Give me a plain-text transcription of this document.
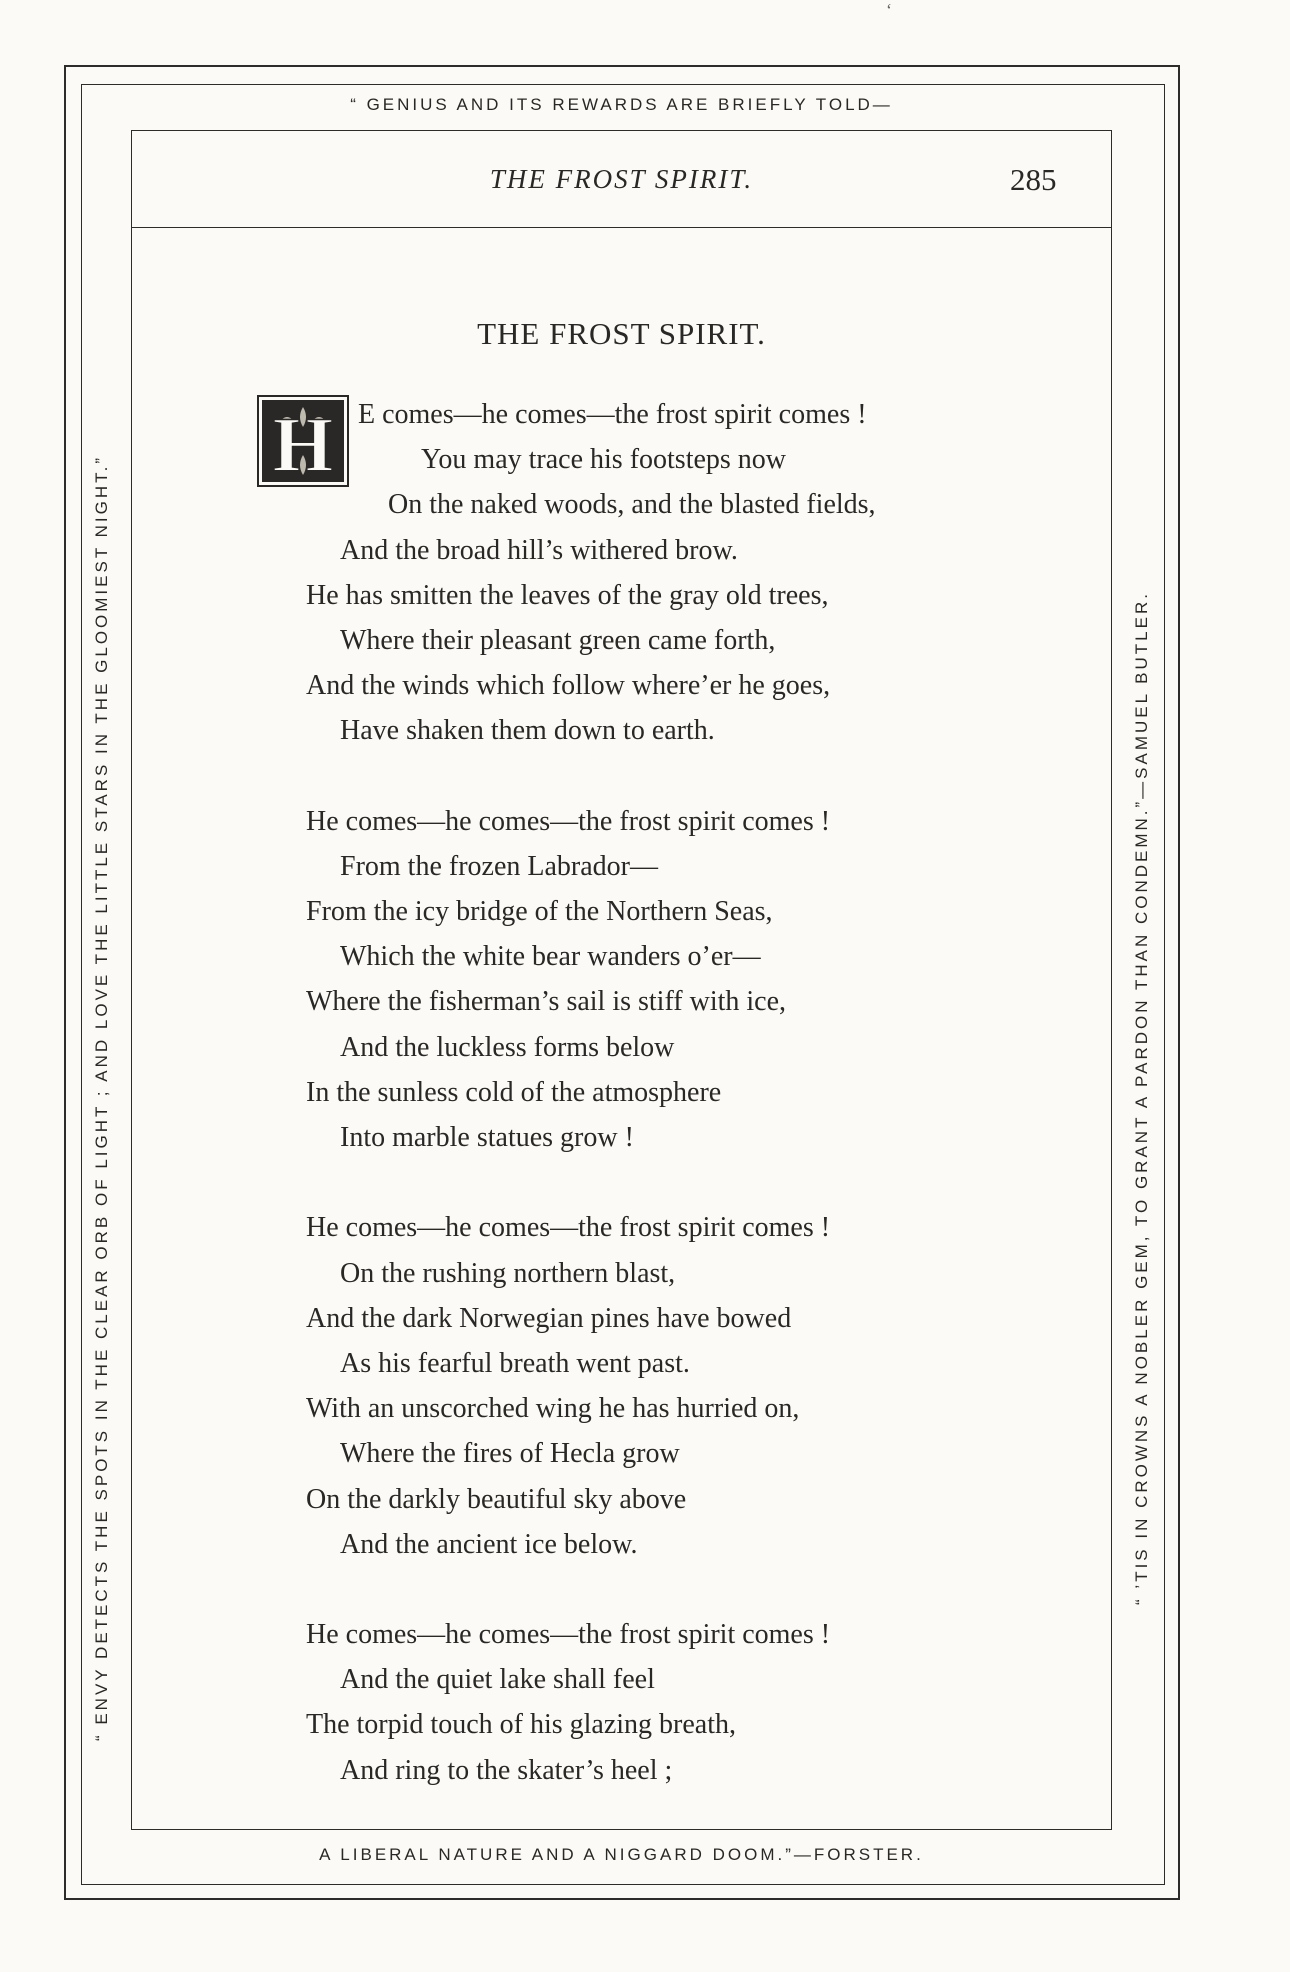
‘
“ GENIUS AND ITS REWARDS ARE BRIEFLY TOLD—
A LIBERAL NATURE AND A NIGGARD DOOM.”—FORSTER.
“ ENVY DETECTS THE SPOTS IN THE CLEAR ORB OF LIGHT ; AND LOVE THE LITTLE STARS IN THE GLOOMIEST NIGHT.”	“ ’TIS IN CROWNS A NOBLER GEM, TO GRANT A PARDON THAN CONDEMN.”—SAMUEL BUTLER.
THE FROST SPIRIT.	285
THE FROST SPIRIT.
H E comes—he comes—the frost spirit comes !
You may trace his footsteps now
On the naked woods, and the blasted fields,
And the broad hill’s withered brow.
He has smitten the leaves of the gray old trees,
Where their pleasant green came forth,
And the winds which follow where’er he goes,
Have shaken them down to earth.
He comes—he comes—the frost spirit comes !
From the frozen Labrador—
From the icy bridge of the Northern Seas,
Which the white bear wanders o’er—
Where the fisherman’s sail is stiff with ice,
And the luckless forms below
In the sunless cold of the atmosphere
Into marble statues grow !
He comes—he comes—the frost spirit comes !
On the rushing northern blast,
And the dark Norwegian pines have bowed
As his fearful breath went past.
With an unscorched wing he has hurried on,
Where the fires of Hecla grow
On the darkly beautiful sky above
And the ancient ice below.
He comes—he comes—the frost spirit comes !
And the quiet lake shall feel
The torpid touch of his glazing breath,
And ring to the skater’s heel ;
